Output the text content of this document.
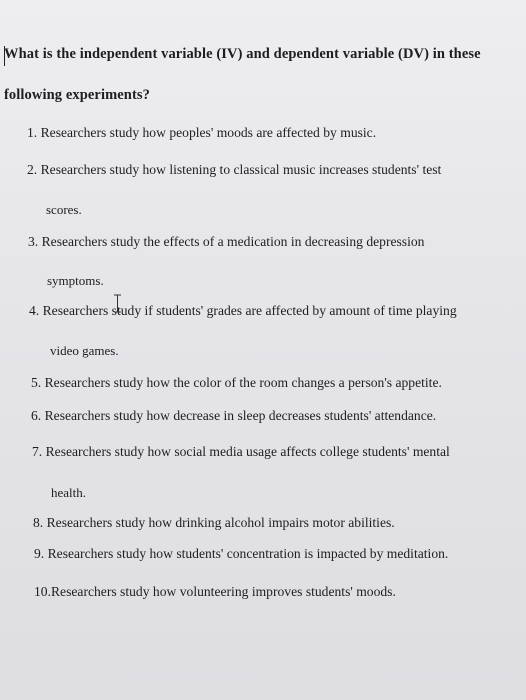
What is the independent variable (IV) and dependent variable (DV) in these
following experiments?
1. Researchers study how peoples' moods are affected by music.
2. Researchers study how listening to classical music increases students' test
scores.
3. Researchers study the effects of a medication in decreasing depression
symptoms.
4. Researchers study if students' grades are affected by amount of time playing
video games.
5. Researchers study how the color of the room changes a person's appetite.
6. Researchers study how decrease in sleep decreases students' attendance.
7. Researchers study how social media usage affects college students' mental
health.
8. Researchers study how drinking alcohol impairs motor abilities.
9. Researchers study how students' concentration is impacted by meditation.
10.Researchers study how volunteering improves students' moods.
